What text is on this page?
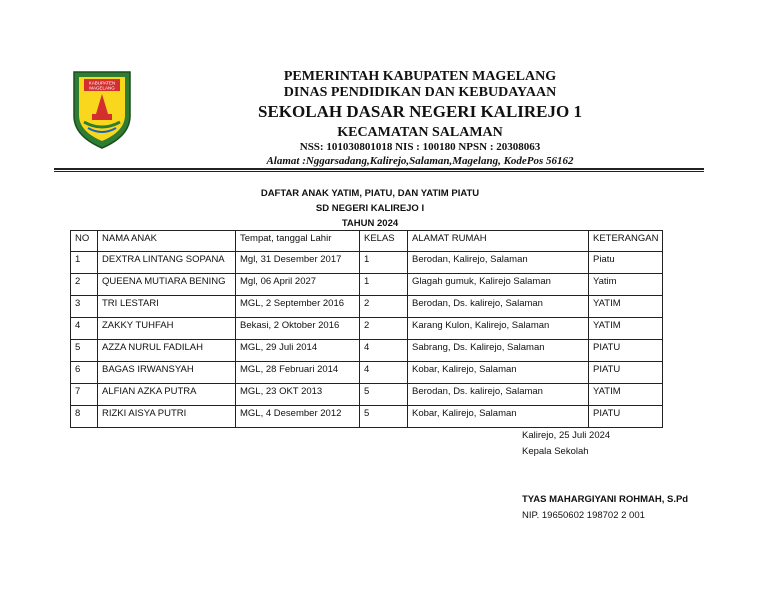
KABUPATEN
MAGELANG
PEMERINTAH KABUPATEN MAGELANG
DINAS PENDIDIKAN DAN KEBUDAYAAN
SEKOLAH DASAR NEGERI KALIREJO 1
KECAMATAN SALAMAN
NSS: 101030801018 NIS : 100180 NPSN : 20308063
Alamat :Nggarsadang,Kalirejo,Salaman,Magelang, KodePos 56162
DAFTAR ANAK YATIM, PIATU, DAN YATIM PIATU
SD NEGERI KALIREJO I
TAHUN 2024
NO	NAMA ANAK	Tempat, tanggal Lahir	KELAS	ALAMAT RUMAH	KETERANGAN
1	DEXTRA LINTANG SOPANA	Mgl, 31 Desember 2017	1	Berodan, Kalirejo, Salaman	Piatu
2	QUEENA MUTIARA BENING	Mgl, 06 April 2027	1	Glagah gumuk, Kalirejo Salaman	Yatim
3	TRI LESTARI	MGL, 2 September 2016	2	Berodan, Ds. kalirejo, Salaman	YATIM
4	ZAKKY TUHFAH	Bekasi, 2 Oktober 2016	2	Karang Kulon, Kalirejo, Salaman	YATIM
5	AZZA NURUL FADILAH	MGL, 29 Juli 2014	4	Sabrang, Ds. Kalirejo, Salaman	PIATU
6	BAGAS IRWANSYAH	MGL, 28 Februari 2014	4	Kobar, Kalirejo, Salaman	PIATU
7	ALFIAN AZKA PUTRA	MGL, 23 OKT 2013	5	Berodan, Ds. kalirejo, Salaman	YATIM
8	RIZKI AISYA PUTRI	MGL, 4 Desember 2012	5	Kobar, Kalirejo, Salaman	PIATU
Kalirejo, 25 Juli 2024
Kepala Sekolah
TYAS MAHARGIYANI ROHMAH, S.Pd
NIP. 19650602 198702 2 001
